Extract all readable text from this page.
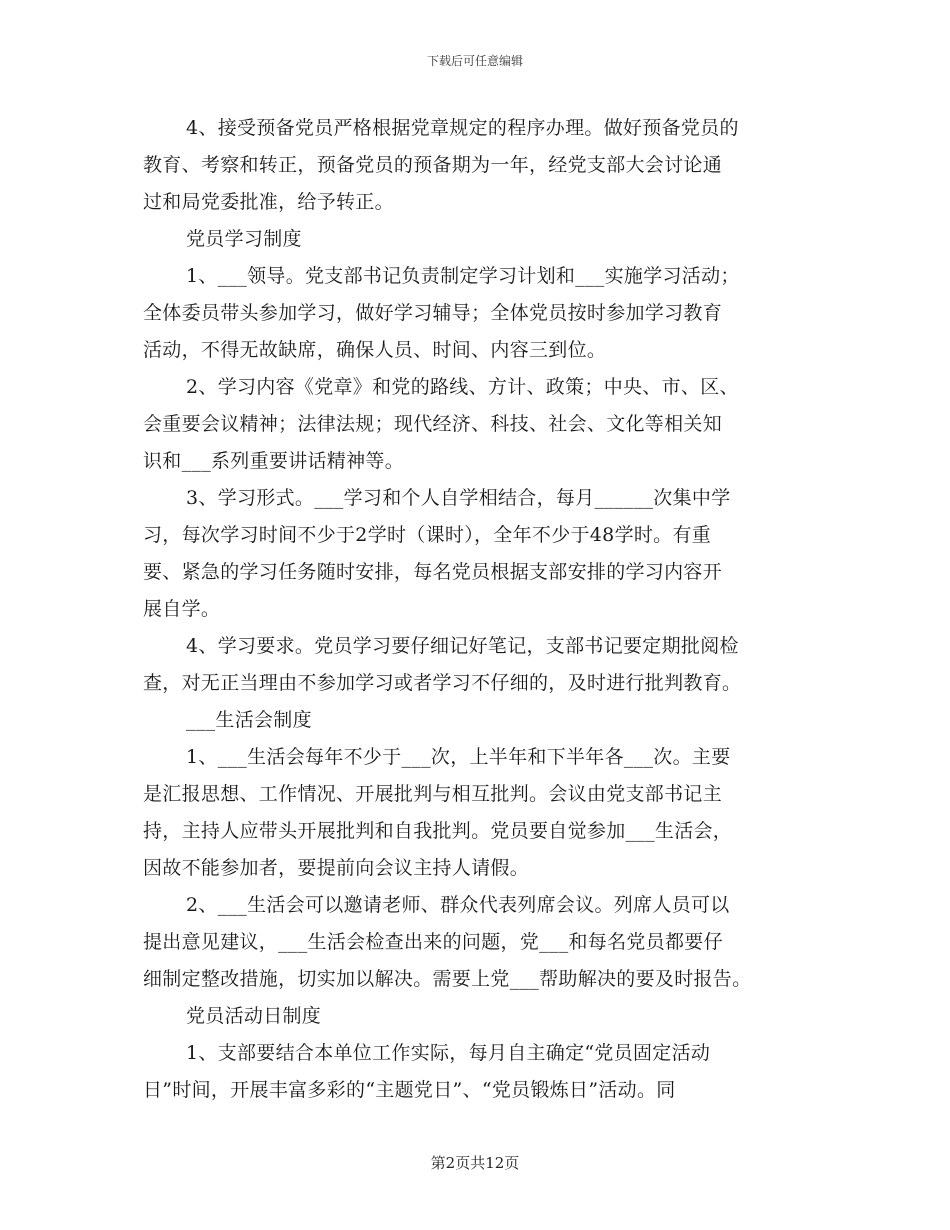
下载后可任意编辑
4、接受预备党员严格根据党章规定的程序办理。做好预备党员的
教育、考察和转正，预备党员的预备期为一年，经党支部大会讨论通
过和局党委批准，给予转正。
党员学习制度
1、___领导。党支部书记负责制定学习计划和___实施学习活动；
全体委员带头参加学习，做好学习辅导；全体党员按时参加学习教育
活动，不得无故缺席，确保人员、时间、内容三到位。
2、学习内容《党章》和党的路线、方计、政策；中央、市、区、
会重要会议精神；法律法规；现代经济、科技、社会、文化等相关知
识和___系列重要讲话精神等。
3、学习形式。___学习和个人自学相结合，每月______次集中学
习，每次学习时间不少于2学时（课时），全年不少于48学时。有重
要、紧急的学习任务随时安排，每名党员根据支部安排的学习内容开
展自学。
4、学习要求。党员学习要仔细记好笔记，支部书记要定期批阅检
查，对无正当理由不参加学习或者学习不仔细的，及时进行批判教育。
___生活会制度
1、___生活会每年不少于___次，上半年和下半年各___次。主要
是汇报思想、工作情况、开展批判与相互批判。会议由党支部书记主
持，主持人应带头开展批判和自我批判。党员要自觉参加___生活会，
因故不能参加者，要提前向会议主持人请假。
2、___生活会可以邀请老师、群众代表列席会议。列席人员可以
提出意见建议，___生活会检查出来的问题，党___和每名党员都要仔
细制定整改措施，切实加以解决。需要上党___帮助解决的要及时报告。
党员活动日制度
1、支部要结合本单位工作实际，每月自主确定“党员固定活动
日”时间，开展丰富多彩的“主题党日”、“党员锻炼日”活动。同
第2页共12页
